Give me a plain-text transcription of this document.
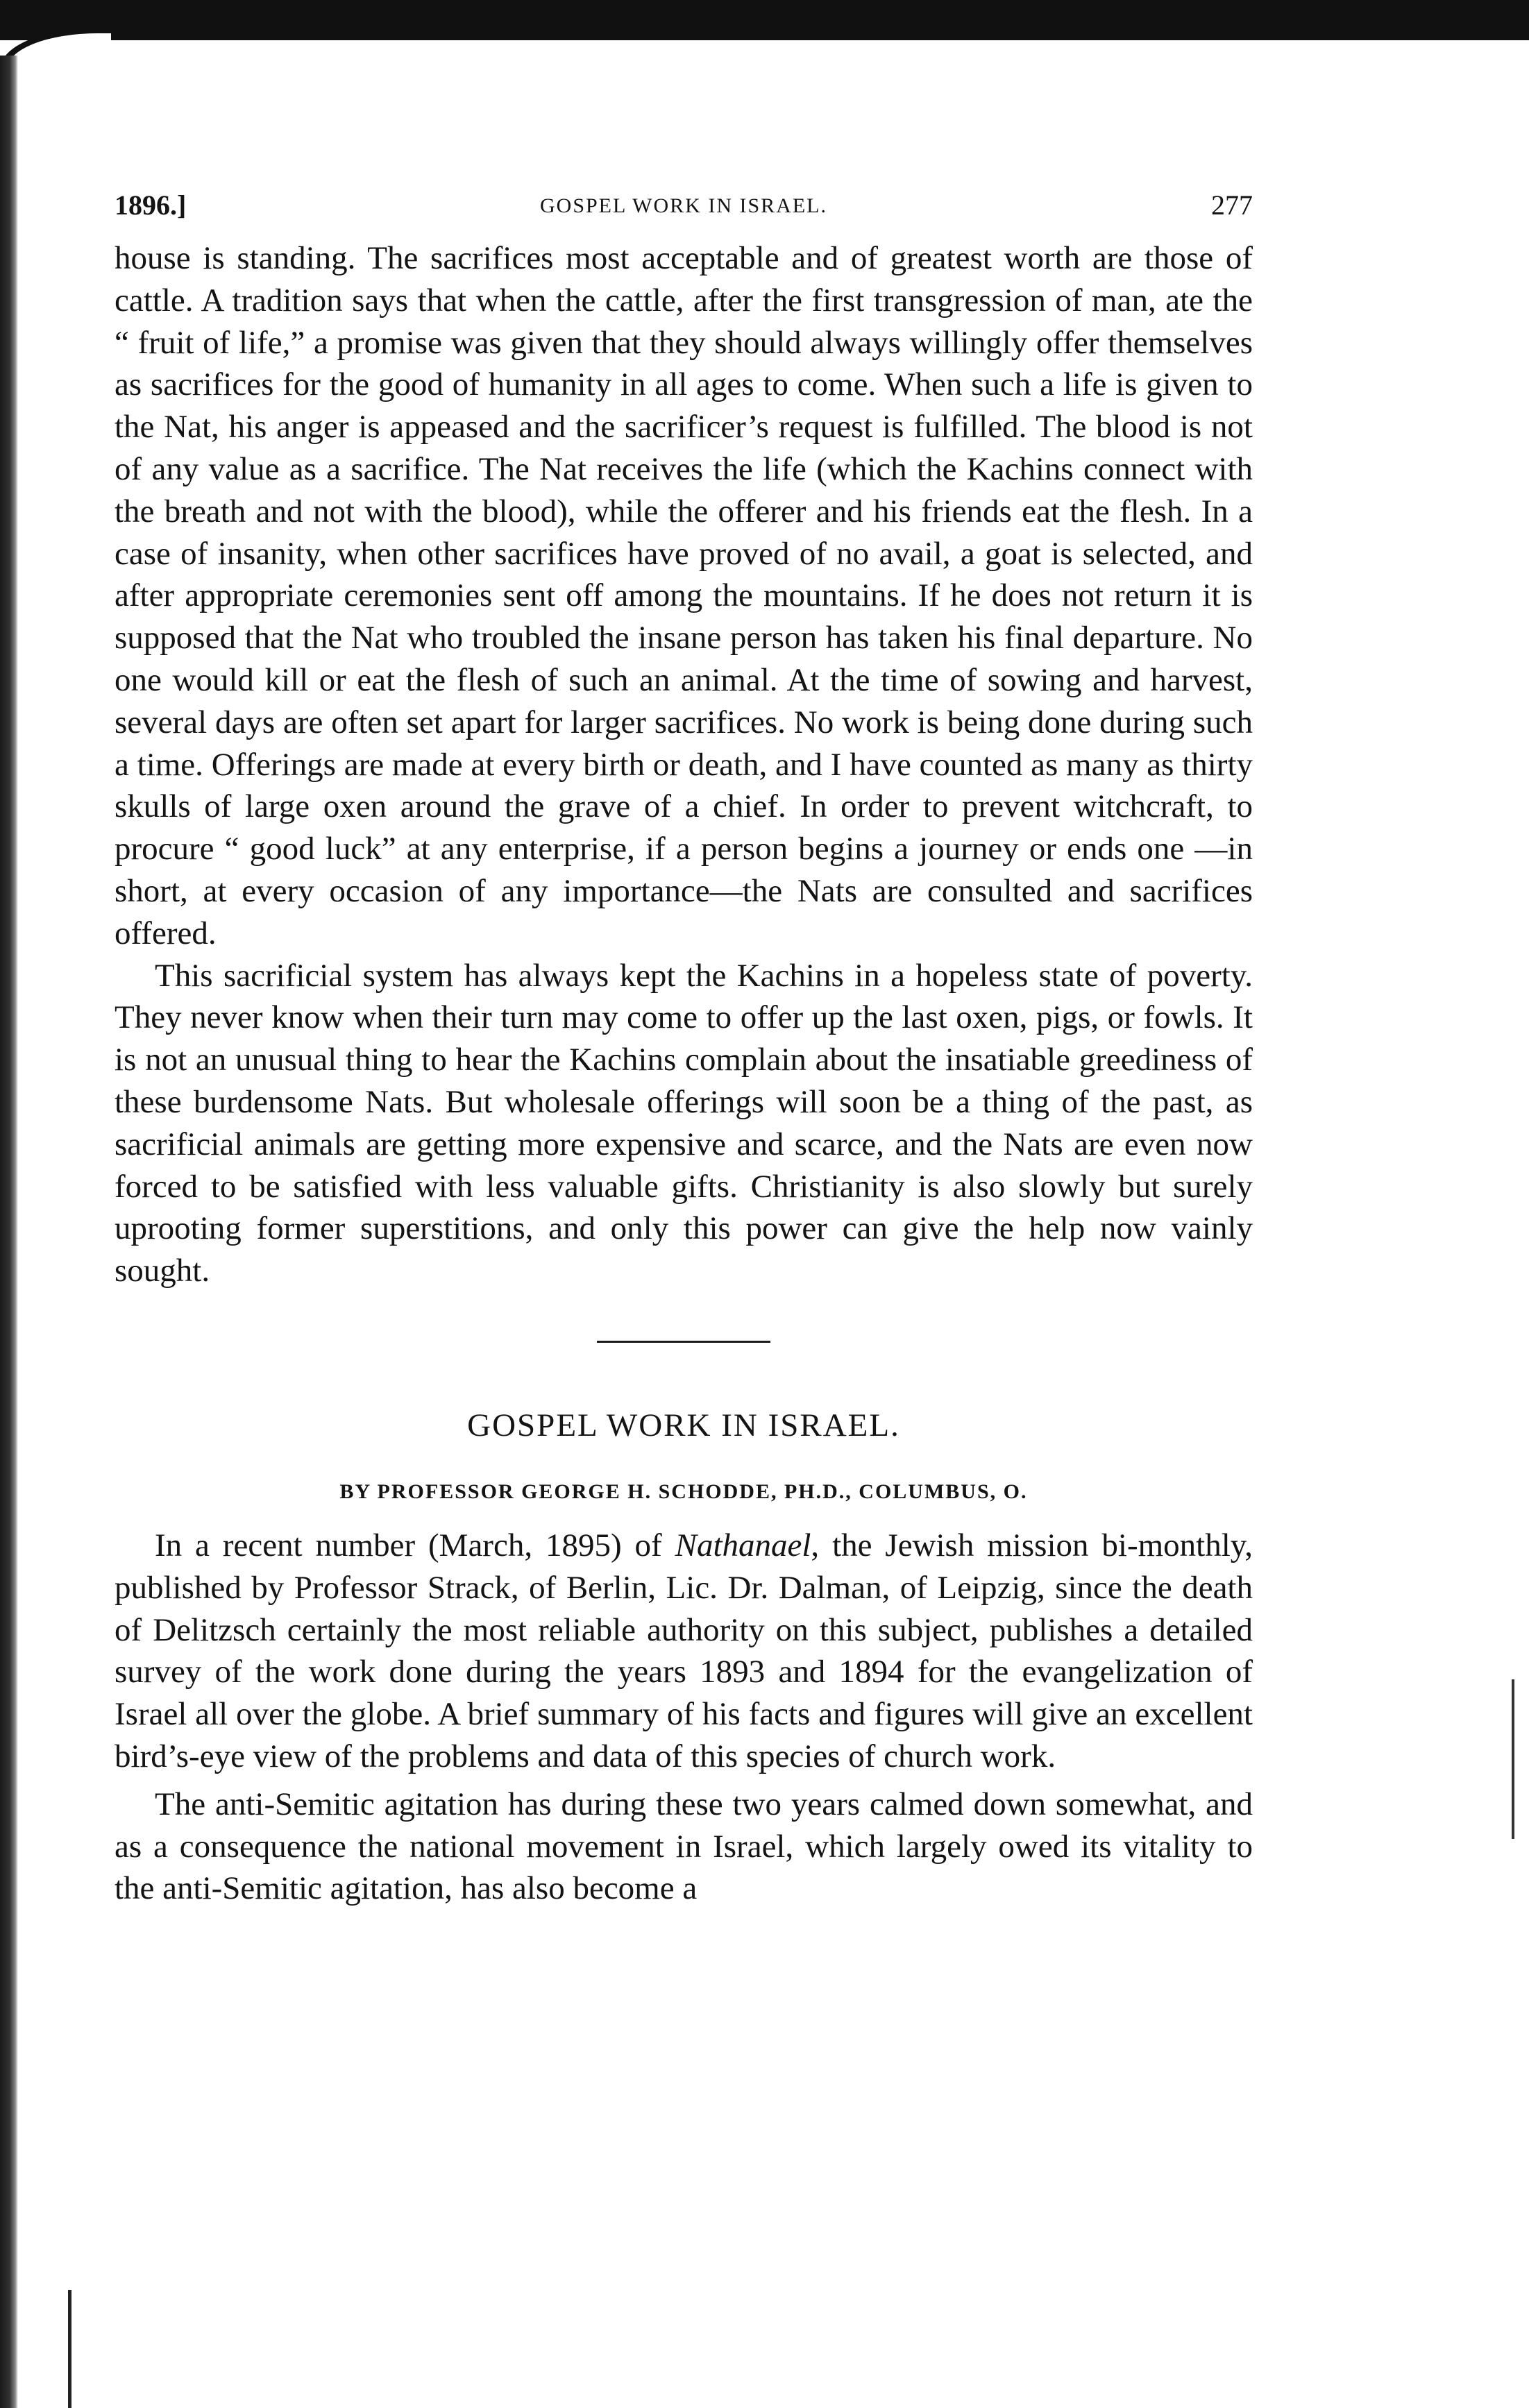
1896.]	GOSPEL WORK IN ISRAEL.	277

house is standing. The sacrifices most acceptable and of greatest worth are those of cattle. A tradition says that when the cattle, after the first transgression of man, ate the “ fruit of life,” a promise was given that they should always willingly offer themselves as sacrifices for the good of humanity in all ages to come. When such a life is given to the Nat, his anger is appeased and the sacrificer’s request is fulfilled. The blood is not of any value as a sacrifice. The Nat receives the life (which the Kachins connect with the breath and not with the blood), while the offerer and his friends eat the flesh. In a case of insanity, when other sacrifices have proved of no avail, a goat is selected, and after appropriate ceremonies sent off among the mountains. If he does not return it is supposed that the Nat who troubled the insane person has taken his final departure. No one would kill or eat the flesh of such an animal. At the time of sowing and harvest, several days are often set apart for larger sacrifices. No work is being done during such a time. Offerings are made at every birth or death, and I have counted as many as thirty skulls of large oxen around the grave of a chief. In order to prevent witchcraft, to procure “ good luck” at any enterprise, if a person begins a journey or ends one —in short, at every occasion of any importance—the Nats are consulted and sacrifices offered.

This sacrificial system has always kept the Kachins in a hopeless state of poverty. They never know when their turn may come to offer up the last oxen, pigs, or fowls. It is not an unusual thing to hear the Kachins complain about the insatiable greediness of these burdensome Nats. But wholesale offerings will soon be a thing of the past, as sacrificial animals are getting more expensive and scarce, and the Nats are even now forced to be satisfied with less valuable gifts. Christianity is also slowly but surely uprooting former superstitions, and only this power can give the help now vainly sought.

GOSPEL WORK IN ISRAEL.
BY PROFESSOR GEORGE H. SCHODDE, PH.D., COLUMBUS, O.

In a recent number (March, 1895) of Nathanael, the Jewish mission bi-monthly, published by Professor Strack, of Berlin, Lic. Dr. Dalman, of Leipzig, since the death of Delitzsch certainly the most reliable authority on this subject, publishes a detailed survey of the work done during the years 1893 and 1894 for the evangelization of Israel all over the globe. A brief summary of his facts and figures will give an excellent bird’s-eye view of the problems and data of this species of church work.

The anti-Semitic agitation has during these two years calmed down somewhat, and as a consequence the national movement in Israel, which largely owed its vitality to the anti-Semitic agitation, has also become a
